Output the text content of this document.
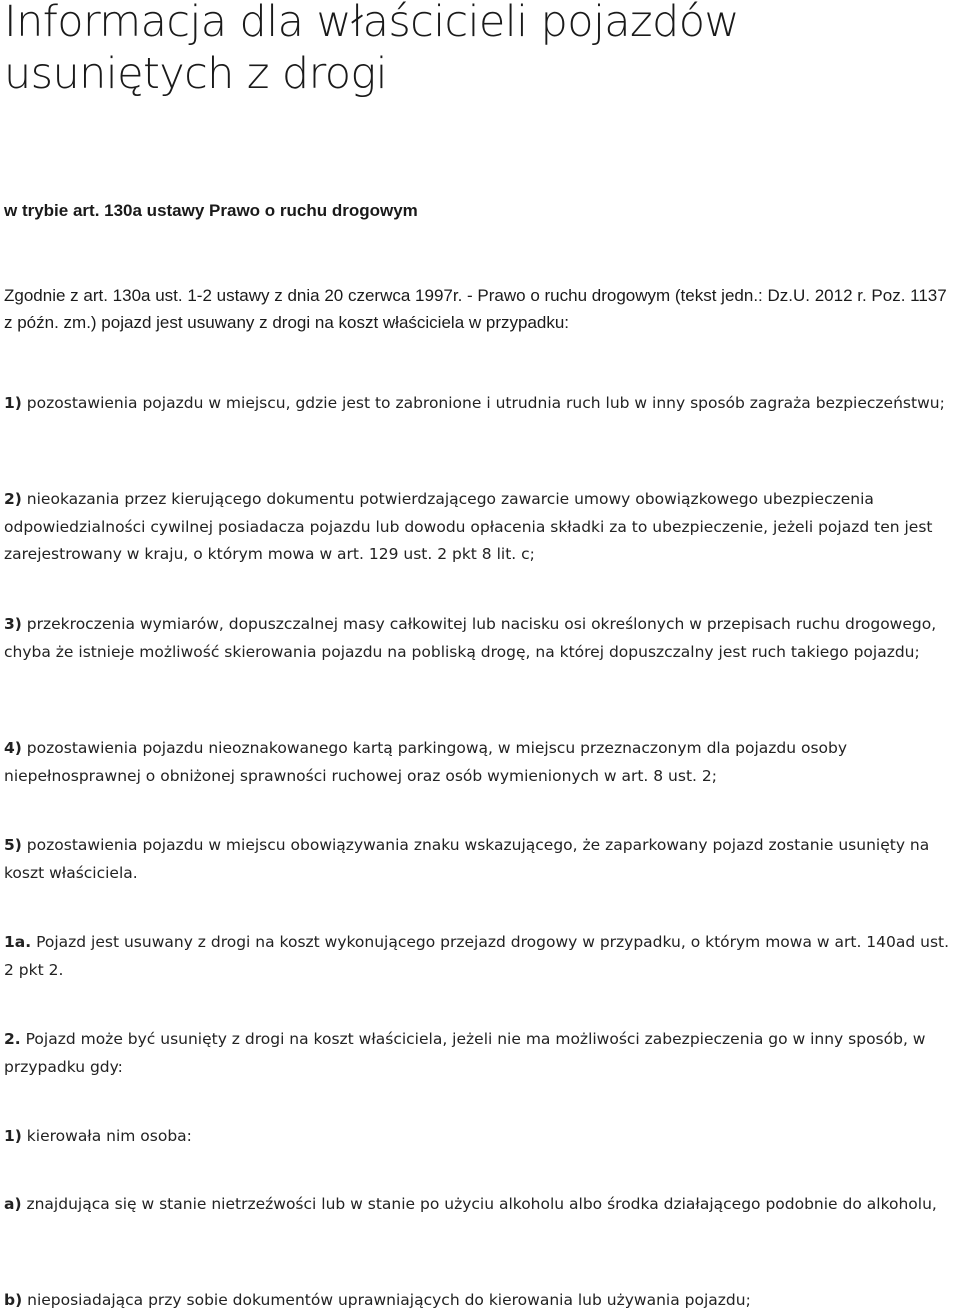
Informacja dla właścicieli pojazdów usuniętych z drogi

w trybie art. 130a ustawy Prawo o ruchu drogowym

Zgodnie z art. 130a ust. 1-2 ustawy z dnia 20 czerwca 1997r. - Prawo o ruchu drogowym (tekst jedn.: Dz.U. 2012 r. Poz. 1137 z późn. zm.) pojazd jest usuwany z drogi na koszt właściciela w przypadku:

1) pozostawienia pojazdu w miejscu, gdzie jest to zabronione i utrudnia ruch lub w inny sposób zagraża bezpieczeństwu;

2) nieokazania przez kierującego dokumentu potwierdzającego zawarcie umowy obowiązkowego ubezpieczenia odpowiedzialności cywilnej posiadacza pojazdu lub dowodu opłacenia składki za to ubezpieczenie, jeżeli pojazd ten jest zarejestrowany w kraju, o którym mowa w art. 129 ust. 2 pkt 8 lit. c;

3) przekroczenia wymiarów, dopuszczalnej masy całkowitej lub nacisku osi określonych w przepisach ruchu drogowego, chyba że istnieje możliwość skierowania pojazdu na pobliską drogę, na której dopuszczalny jest ruch takiego pojazdu;

4) pozostawienia pojazdu nieoznakowanego kartą parkingową, w miejscu przeznaczonym dla pojazdu osoby niepełnosprawnej o obniżonej sprawności ruchowej oraz osób wymienionych w art. 8 ust. 2;

5) pozostawienia pojazdu w miejscu obowiązywania znaku wskazującego, że zaparkowany pojazd zostanie usunięty na koszt właściciela.

1a. Pojazd jest usuwany z drogi na koszt wykonującego przejazd drogowy w przypadku, o którym mowa w art. 140ad ust. 2 pkt 2.

2. Pojazd może być usunięty z drogi na koszt właściciela, jeżeli nie ma możliwości zabezpieczenia go w inny sposób, w przypadku gdy:

1) kierowała nim osoba:

a) znajdująca się w stanie nietrzeźwości lub w stanie po użyciu alkoholu albo środka działającego podobnie do alkoholu,

b) nieposiadająca przy sobie dokumentów uprawniających do kierowania lub używania pojazdu;
